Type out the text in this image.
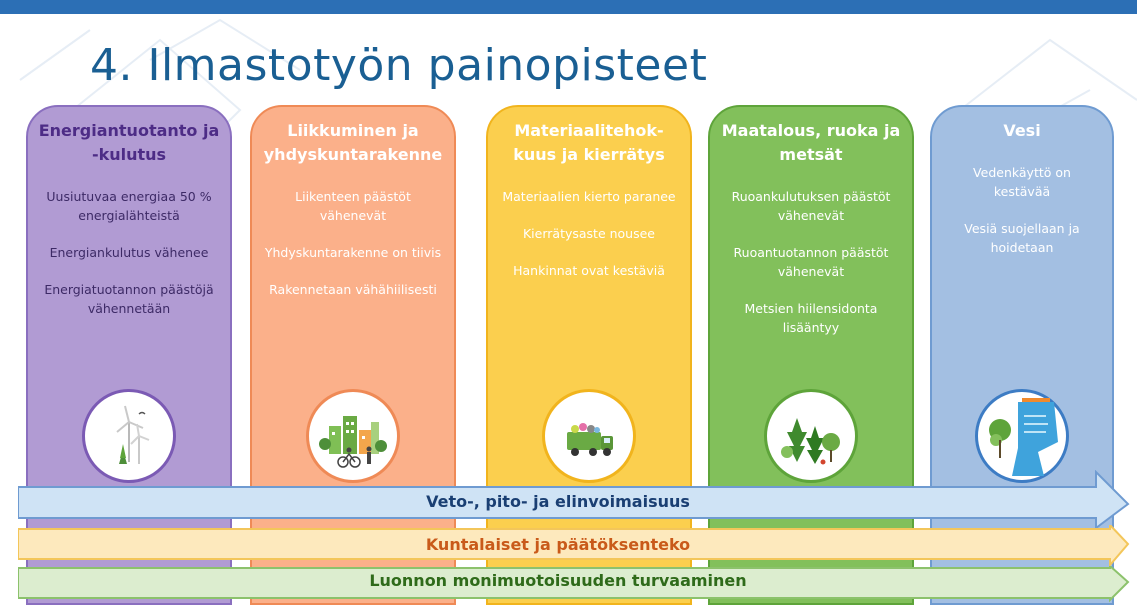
4. Ilmastotyön painopisteet
Energiantuotanto ja -kulutus
Uusiutuvaa energiaa 50 % energialähteistä
Energiankulutus vähenee
Energiatuotannon päästöjä vähennetään
Liikkuminen ja yhdyskuntarakenne
Liikenteen päästöt vähenevät
Yhdyskuntarakenne on tiivis
Rakennetaan vähähiilisesti
Materiaalitehok-kuus ja kierrätys
Materiaalien kierto paranee
Kierrätysaste nousee
Hankinnat ovat kestäviä
Maatalous, ruoka ja metsät
Ruoankulutuksen päästöt vähenevät
Ruoantuotannon päästöt vähenevät
Metsien hiilensidonta lisääntyy
Vesi
Vedenkäyttö on kestävää
Vesiä suojellaan ja hoidetaan
Veto-, pito- ja elinvoimaisuus
Kuntalaiset ja päätöksenteko
Luonnon monimuotoisuuden turvaaminen
